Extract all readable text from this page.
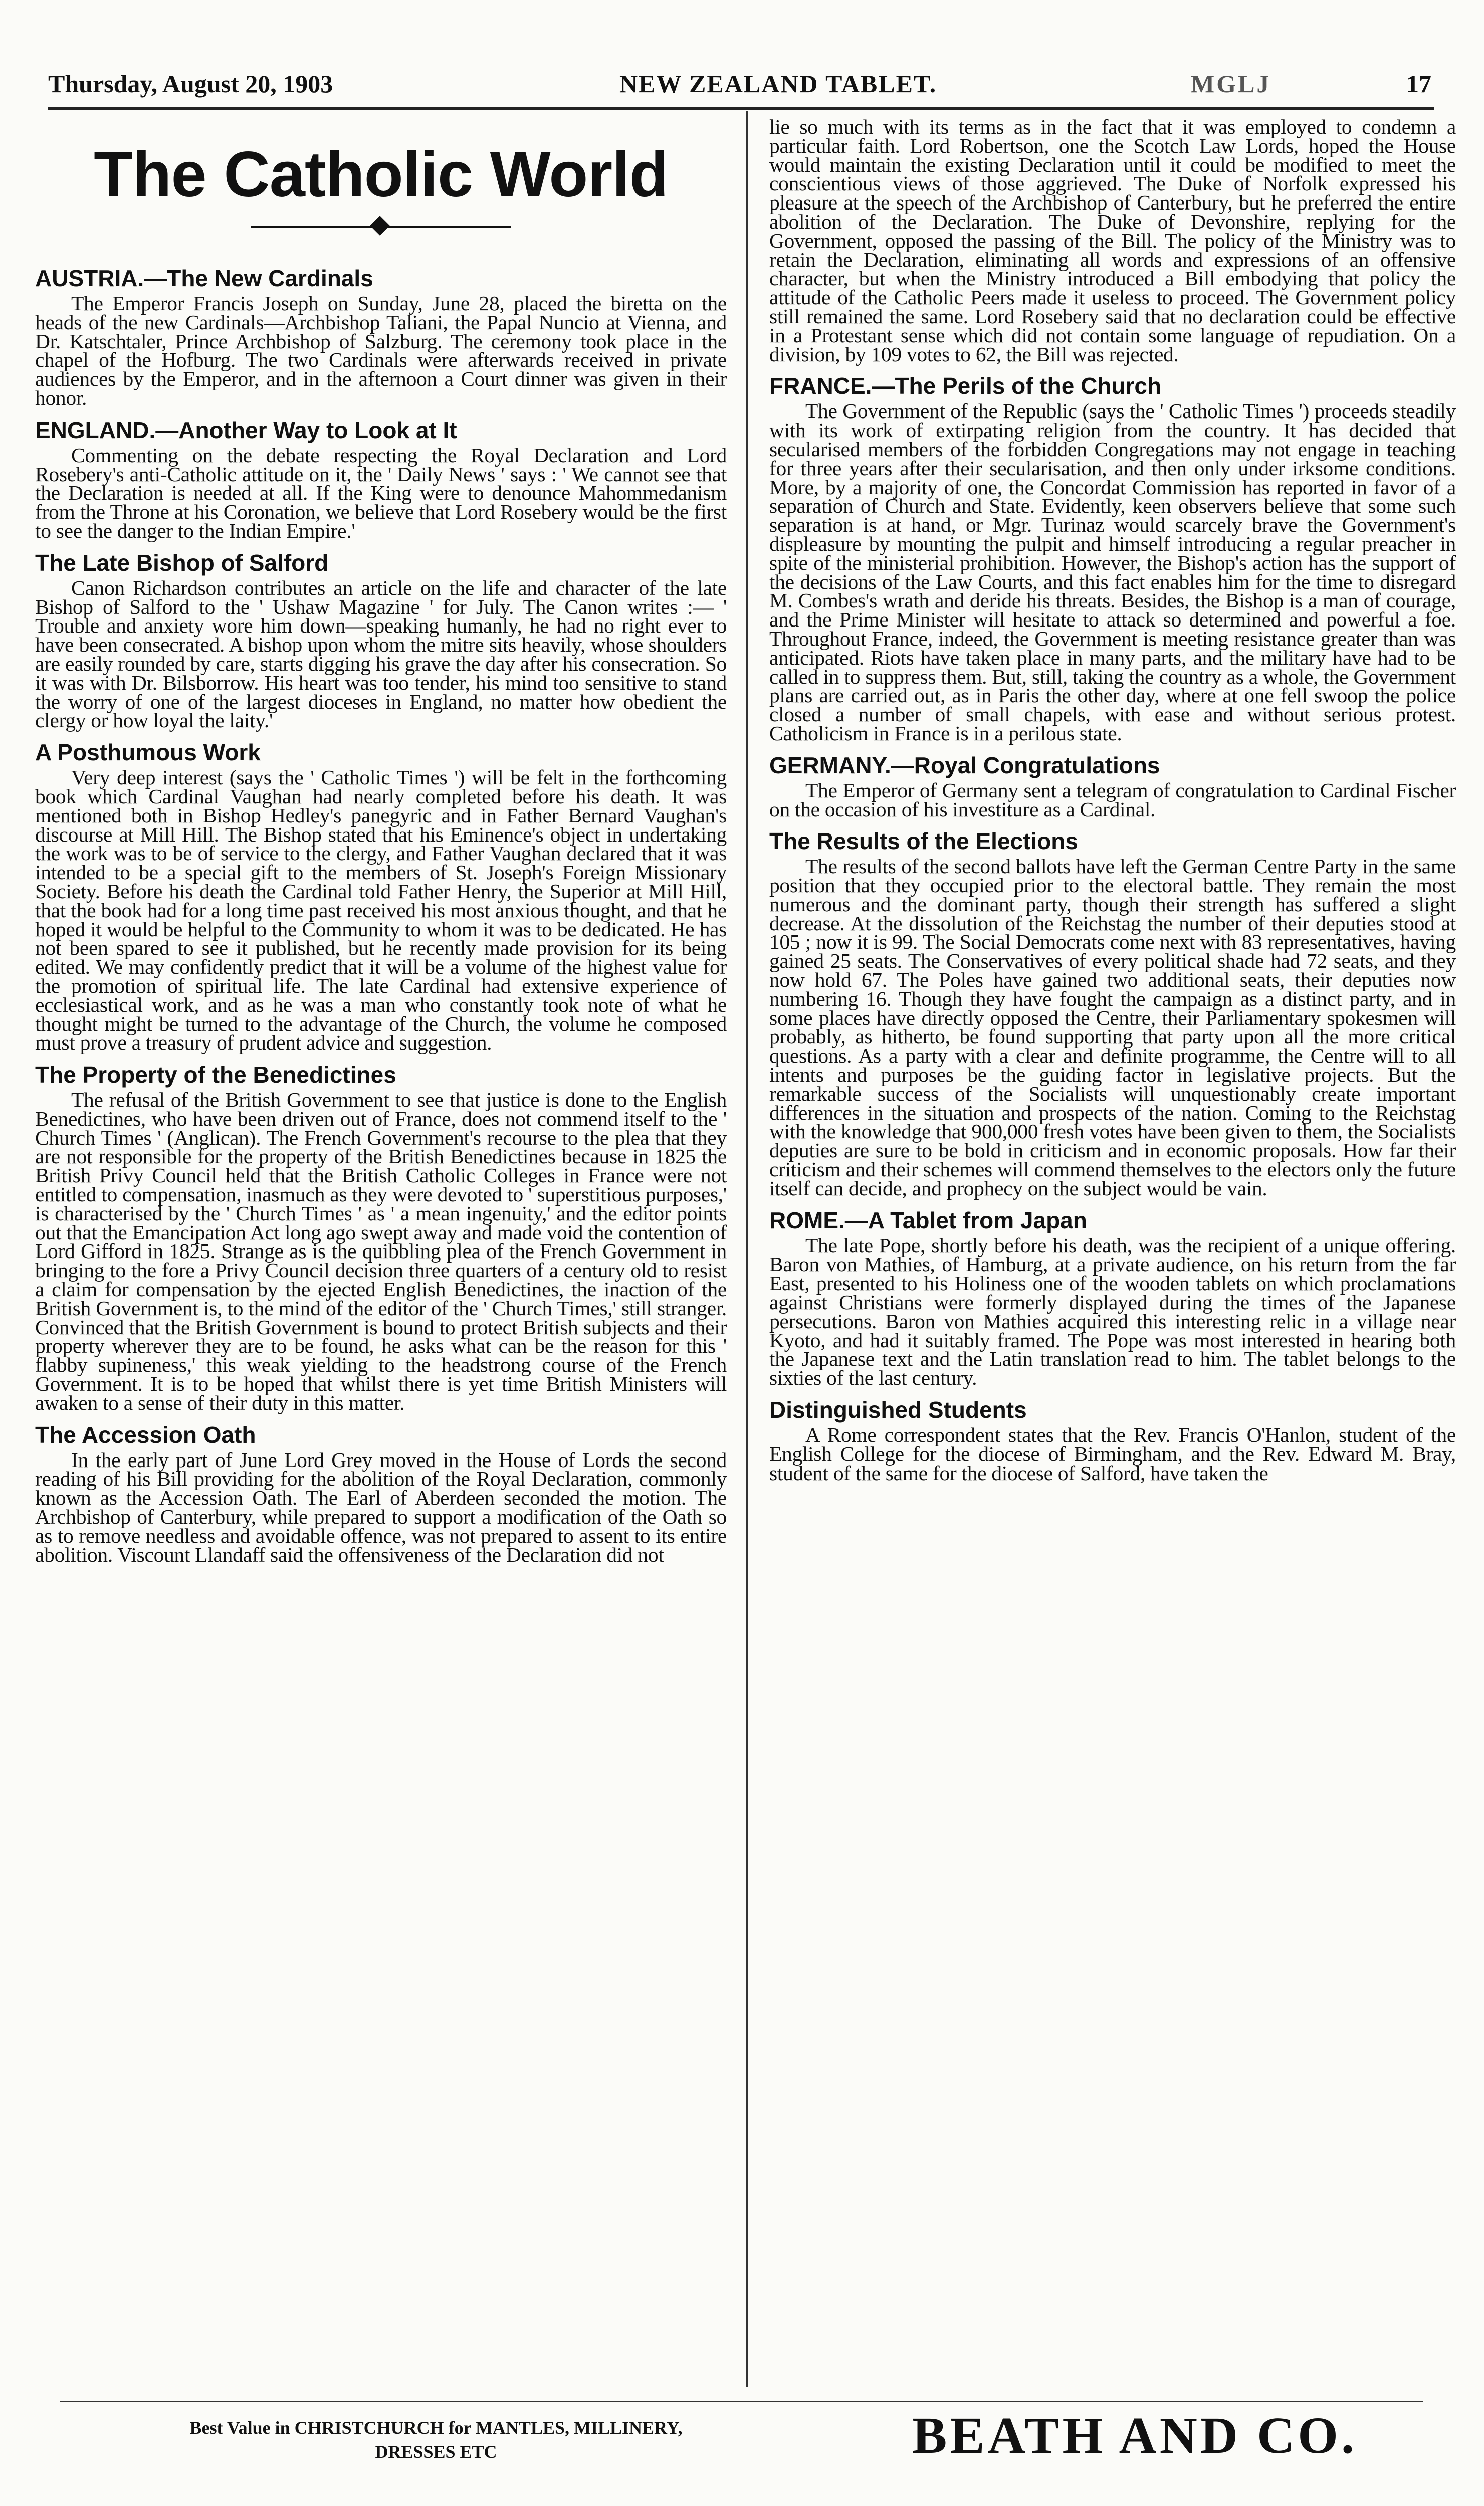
Thursday, August 20, 1903	NEW ZEALAND TABLET.	MGLJ	17
The Catholic World
AUSTRIA.—The New Cardinals

The Emperor Francis Joseph on Sunday, June 28, placed the biretta on the heads of the new Cardinals—Archbishop Taliani, the Papal Nuncio at Vienna, and Dr. Katschtaler, Prince Archbishop of Salzburg. The ceremony took place in the chapel of the Hofburg. The two Cardinals were afterwards received in private audiences by the Emperor, and in the afternoon a Court dinner was given in their honor.

ENGLAND.—Another Way to Look at It

Commenting on the debate respecting the Royal Declaration and Lord Rosebery's anti-Catholic attitude on it, the ' Daily News ' says : ' We cannot see that the Declaration is needed at all. If the King were to denounce Mahommedanism from the Throne at his Coronation, we believe that Lord Rosebery would be the first to see the danger to the Indian Empire.'

The Late Bishop of Salford

Canon Richardson contributes an article on the life and character of the late Bishop of Salford to the ' Ushaw Magazine ' for July. The Canon writes :— ' Trouble and anxiety wore him down—speaking humanly, he had no right ever to have been consecrated. A bishop upon whom the mitre sits heavily, whose shoulders are easily rounded by care, starts digging his grave the day after his consecration. So it was with Dr. Bilsborrow. His heart was too tender, his mind too sensitive to stand the worry of one of the largest dioceses in England, no matter how obedient the clergy or how loyal the laity.'

A Posthumous Work

Very deep interest (says the ' Catholic Times ') will be felt in the forthcoming book which Cardinal Vaughan had nearly completed before his death. It was mentioned both in Bishop Hedley's panegyric and in Father Bernard Vaughan's discourse at Mill Hill. The Bishop stated that his Eminence's object in undertaking the work was to be of service to the clergy, and Father Vaughan declared that it was intended to be a special gift to the members of St. Joseph's Foreign Missionary Society. Before his death the Cardinal told Father Henry, the Superior at Mill Hill, that the book had for a long time past received his most anxious thought, and that he hoped it would be helpful to the Community to whom it was to be dedicated. He has not been spared to see it published, but he recently made provision for its being edited. We may confidently predict that it will be a volume of the highest value for the promotion of spiritual life. The late Cardinal had extensive experience of ecclesiastical work, and as he was a man who constantly took note of what he thought might be turned to the advantage of the Church, the volume he composed must prove a treasury of prudent advice and suggestion.

The Property of the Benedictines

The refusal of the British Government to see that justice is done to the English Benedictines, who have been driven out of France, does not commend itself to the ' Church Times ' (Anglican). The French Government's recourse to the plea that they are not responsible for the property of the British Benedictines because in 1825 the British Privy Council held that the British Catholic Colleges in France were not entitled to compensation, inasmuch as they were devoted to ' superstitious purposes,' is characterised by the ' Church Times ' as ' a mean ingenuity,' and the editor points out that the Emancipation Act long ago swept away and made void the contention of Lord Gifford in 1825. Strange as is the quibbling plea of the French Government in bringing to the fore a Privy Council decision three quarters of a century old to resist a claim for compensation by the ejected English Benedictines, the inaction of the British Government is, to the mind of the editor of the ' Church Times,' still stranger. Convinced that the British Government is bound to protect British subjects and their property wherever they are to be found, he asks what can be the reason for this ' flabby supineness,' this weak yielding to the headstrong course of the French Government. It is to be hoped that whilst there is yet time British Ministers will awaken to a sense of their duty in this matter.

The Accession Oath

In the early part of June Lord Grey moved in the House of Lords the second reading of his Bill providing for the abolition of the Royal Declaration, commonly known as the Accession Oath. The Earl of Aberdeen seconded the motion. The Archbishop of Canterbury, while prepared to support a modification of the Oath so as to remove needless and avoidable offence, was not prepared to assent to its entire abolition. Viscount Llandaff said the offensiveness of the Declaration did not

lie so much with its terms as in the fact that it was employed to condemn a particular faith. Lord Robertson, one the Scotch Law Lords, hoped the House would maintain the existing Declaration until it could be modified to meet the conscientious views of those aggrieved. The Duke of Norfolk expressed his pleasure at the speech of the Archbishop of Canterbury, but he preferred the entire abolition of the Declaration. The Duke of Devonshire, replying for the Government, opposed the passing of the Bill. The policy of the Ministry was to retain the Declaration, eliminating all words and expressions of an offensive character, but when the Ministry introduced a Bill embodying that policy the attitude of the Catholic Peers made it useless to proceed. The Government policy still remained the same. Lord Rosebery said that no declaration could be effective in a Protestant sense which did not contain some language of repudiation. On a division, by 109 votes to 62, the Bill was rejected.

FRANCE.—The Perils of the Church

The Government of the Republic (says the ' Catholic Times ') proceeds steadily with its work of extirpating religion from the country. It has decided that secularised members of the forbidden Congregations may not engage in teaching for three years after their secularisation, and then only under irksome conditions. More, by a majority of one, the Concordat Commission has reported in favor of a separation of Church and State. Evidently, keen observers believe that some such separation is at hand, or Mgr. Turinaz would scarcely brave the Government's displeasure by mounting the pulpit and himself introducing a regular preacher in spite of the ministerial prohibition. However, the Bishop's action has the support of the decisions of the Law Courts, and this fact enables him for the time to disregard M. Combes's wrath and deride his threats. Besides, the Bishop is a man of courage, and the Prime Minister will hesitate to attack so determined and powerful a foe. Throughout France, indeed, the Government is meeting resistance greater than was anticipated. Riots have taken place in many parts, and the military have had to be called in to suppress them. But, still, taking the country as a whole, the Government plans are carried out, as in Paris the other day, where at one fell swoop the police closed a number of small chapels, with ease and without serious protest. Catholicism in France is in a perilous state.

GERMANY.—Royal Congratulations

The Emperor of Germany sent a telegram of congratulation to Cardinal Fischer on the occasion of his investiture as a Cardinal.

The Results of the Elections

The results of the second ballots have left the German Centre Party in the same position that they occupied prior to the electoral battle. They remain the most numerous and the dominant party, though their strength has suffered a slight decrease. At the dissolution of the Reichstag the number of their deputies stood at 105 ; now it is 99. The Social Democrats come next with 83 representatives, having gained 25 seats. The Conservatives of every political shade had 72 seats, and they now hold 67. The Poles have gained two additional seats, their deputies now numbering 16. Though they have fought the campaign as a distinct party, and in some places have directly opposed the Centre, their Parliamentary spokesmen will probably, as hitherto, be found supporting that party upon all the more critical questions. As a party with a clear and definite programme, the Centre will to all intents and purposes be the guiding factor in legislative projects. But the remarkable success of the Socialists will unquestionably create important differences in the situation and prospects of the nation. Coming to the Reichstag with the knowledge that 900,000 fresh votes have been given to them, the Socialists deputies are sure to be bold in criticism and in economic proposals. How far their criticism and their schemes will commend themselves to the electors only the future itself can decide, and prophecy on the subject would be vain.

ROME.—A Tablet from Japan

The late Pope, shortly before his death, was the recipient of a unique offering. Baron von Mathies, of Hamburg, at a private audience, on his return from the far East, presented to his Holiness one of the wooden tablets on which proclamations against Christians were formerly displayed during the times of the Japanese persecutions. Baron von Mathies acquired this interesting relic in a village near Kyoto, and had it suitably framed. The Pope was most interested in hearing both the Japanese text and the Latin translation read to him. The tablet belongs to the sixties of the last century.

Distinguished Students

A Rome correspondent states that the Rev. Francis O'Hanlon, student of the English College for the diocese of Birmingham, and the Rev. Edward M. Bray, student of the same for the diocese of Salford, have taken the

Best Value in CHRISTCHURCH for MANTLES, MILLINERY,
DRESSES ETC	BEATH AND CO.
